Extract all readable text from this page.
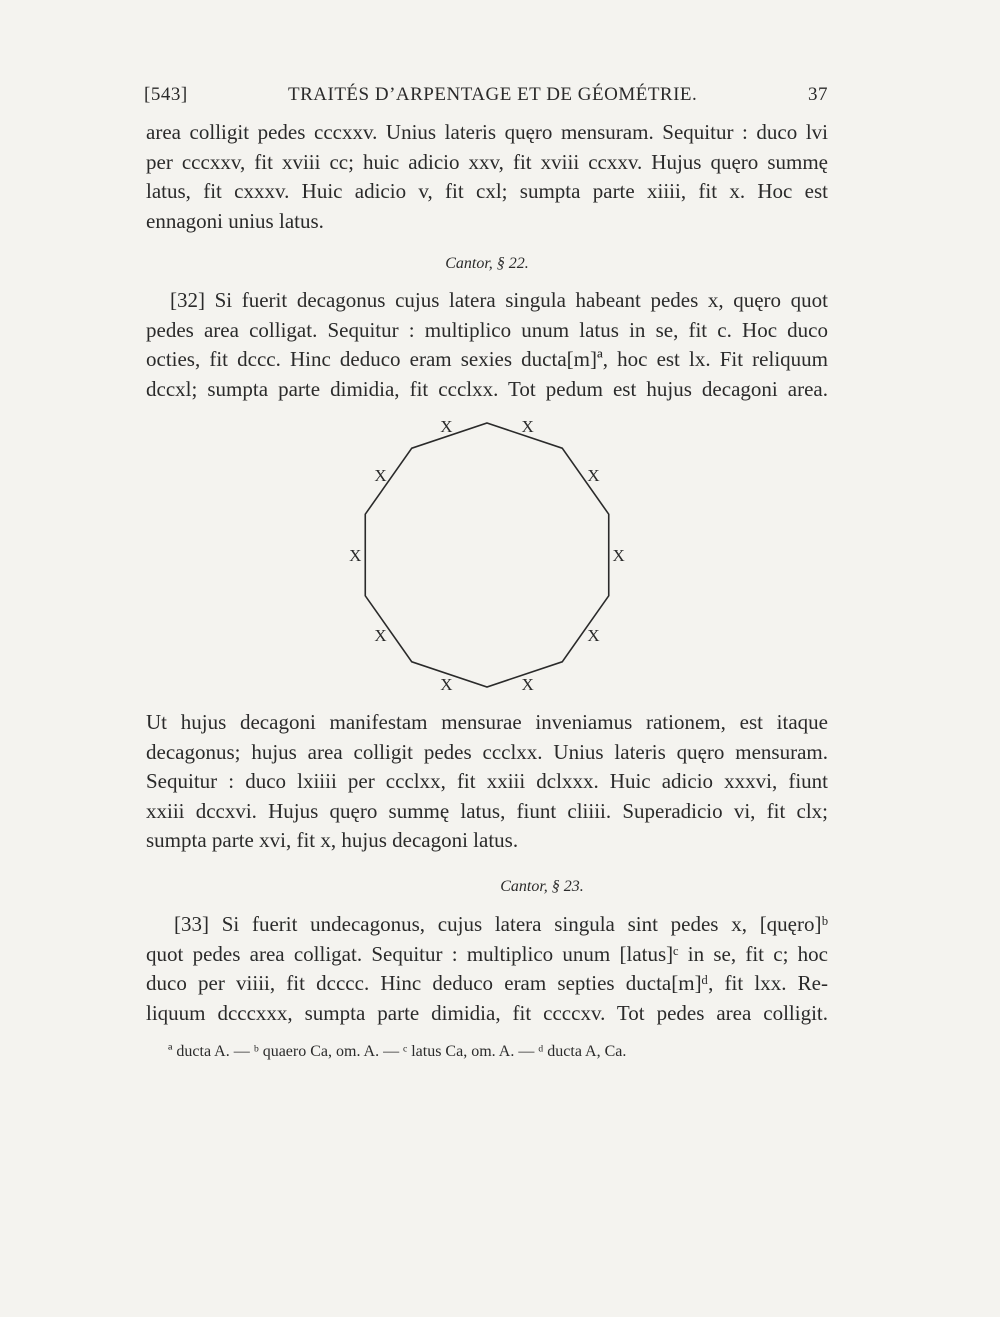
[543]	TRAITÉS D’ARPENTAGE ET DE GÉOMÉTRIE.	37
area colligit pedes cccxxv. Unius lateris quęro mensuram. Sequitur : duco lvi
per cccxxv, fit xviii cc; huic adicio xxv, fit xviii ccxxv. Hujus quęro summę
latus, fit cxxxv. Huic adicio v, fit cxl; sumpta parte xiiii, fit x. Hoc est
ennagoni unius latus.
Cantor, § 22.
[32] Si fuerit decagonus cujus latera singula habeant pedes x, quęro quot
pedes area colligat. Sequitur : multiplico unum latus in se, fit c. Hoc duco
octies, fit dccc. Hinc deduco eram sexies ducta[m]ª, hoc est lx. Fit reliquum
dccxl; sumpta parte dimidia, fit ccclxx. Tot pedum est hujus decagoni area.
X
X
X
X
X
X
X
X
X
X
Ut hujus decagoni manifestam mensurae inveniamus rationem, est itaque
decagonus; hujus area colligit pedes ccclxx. Unius lateris quęro mensuram.
Sequitur : duco lxiiii per ccclxx, fit xxiii dclxxx. Huic adicio xxxvi, fiunt
xxiii dccxvi. Hujus quęro summę latus, fiunt cliiii. Superadicio vi, fit clx;
sumpta parte xvi, fit x, hujus decagoni latus.
Cantor, § 23.
[33] Si fuerit undecagonus, cujus latera singula sint pedes x, [quęro]ᵇ
quot pedes area colligat. Sequitur : multiplico unum [latus]ᶜ in se, fit c; hoc
duco per viiii, fit dcccc. Hinc deduco eram septies ducta[m]ᵈ, fit lxx. Re-
liquum dcccxxx, sumpta parte dimidia, fit ccccxv. Tot pedes area colligit.
ª ducta A. — ᵇ quaero Ca, om. A. — ᶜ latus Ca, om. A. — ᵈ ducta A, Ca.
